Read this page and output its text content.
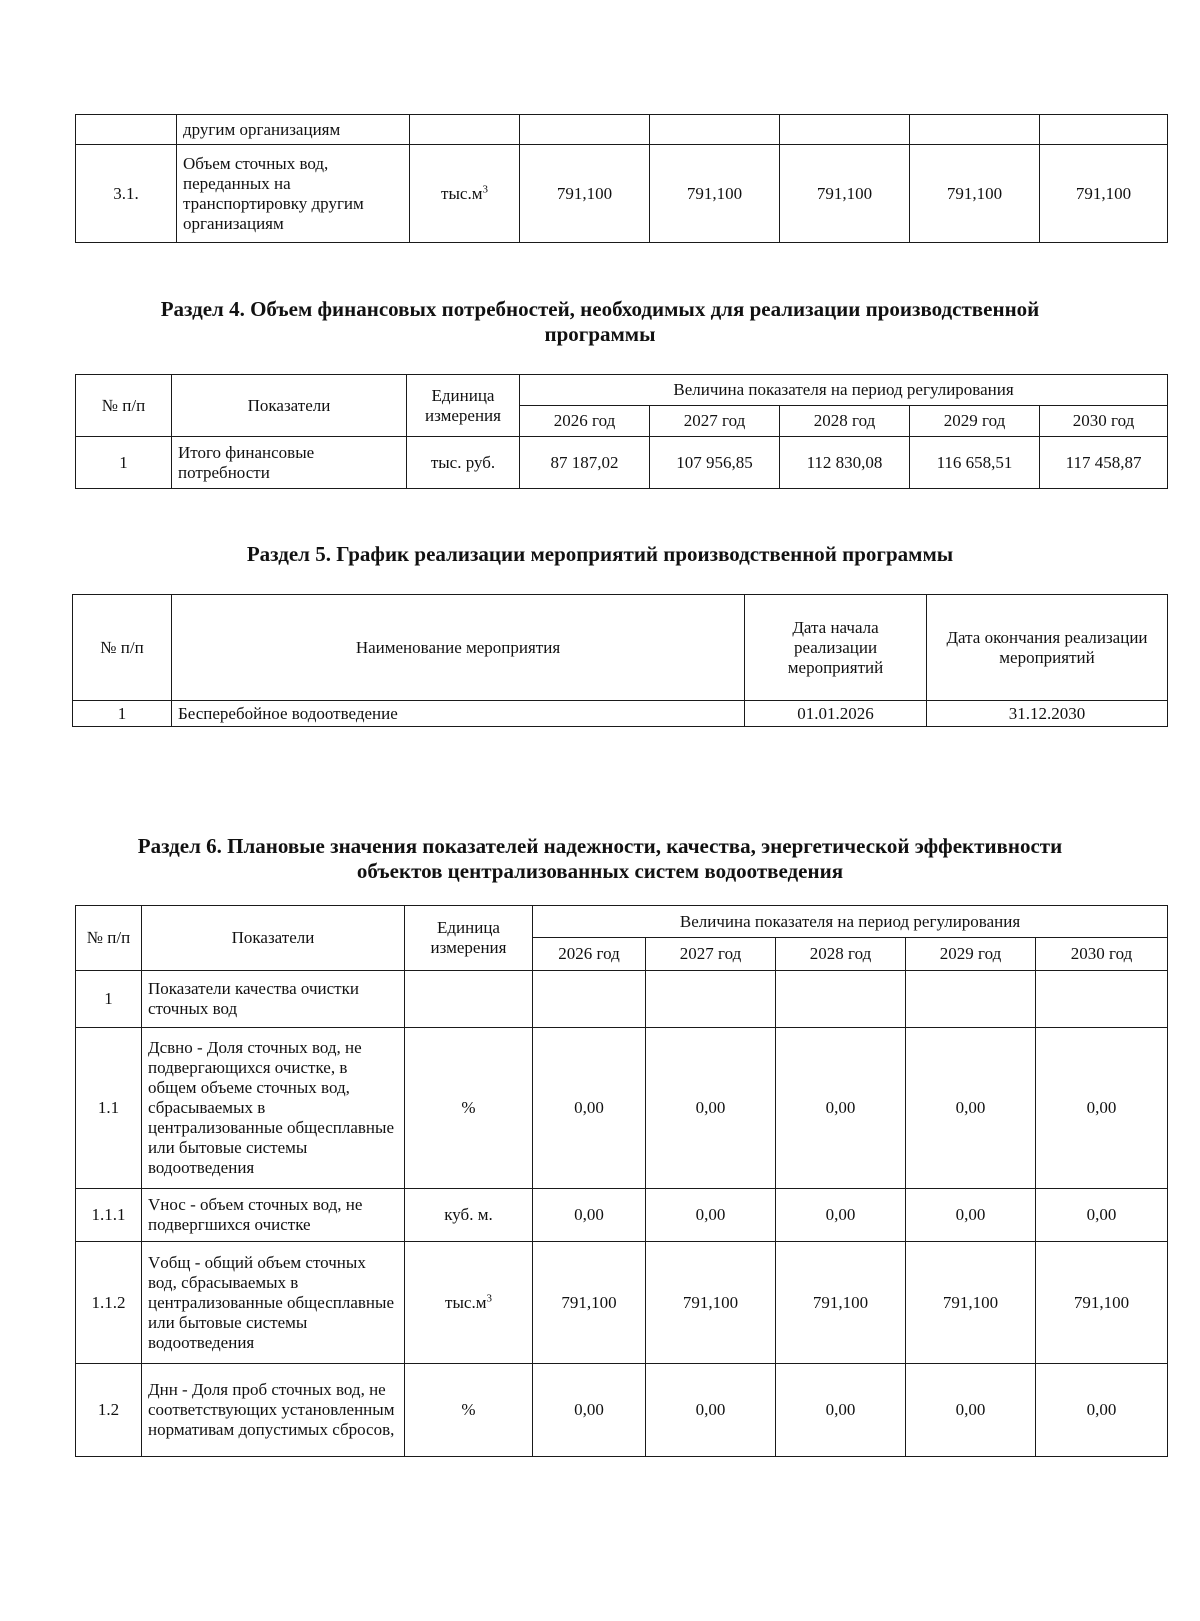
	другим организациям						
3.1.	Объем сточных вод, переданных на транспортировку другим организациям	$тыс.м^3$	791,100	791,100	791,100	791,100	791,100
Раздел 4. Объем финансовых потребностей, необходимых для реализации производственной
программы
№ п/п	Показатели	Единица измерения	Величина показателя на период регулирования				
			2026 год	2027 год	2028 год	2029 год	2030 год
1	Итого финансовые потребности	тыс. руб.	87 187,02	107 956,85	112 830,08	116 658,51	117 458,87
Раздел 5. График реализации мероприятий производственной программы
№ п/п	Наименование мероприятия	Дата начала реализации мероприятий	Дата окончания реализации мероприятий
1	Бесперебойное водоотведение	01.01.2026	31.12.2030
Раздел 6. Плановые значения показателей надежности, качества, энергетической эффективности
объектов централизованных систем водоотведения
№ п/п	Показатели	Единица измерения	Величина показателя на период регулирования				
			2026 год	2027 год	2028 год	2029 год	2030 год
1	Показатели качества очистки сточных вод						
1.1	Дсвно - Доля сточных вод, не подвергающихся очистке, в общем объеме сточных вод, сбрасываемых в централизованные общесплавные или бытовые системы водоотведения	%	0,00	0,00	0,00	0,00	0,00
1.1.1	Vнос - объем сточных вод, не подвергшихся очистке	куб. м.	0,00	0,00	0,00	0,00	0,00
1.1.2	Vобщ - общий объем сточных вод, сбрасываемых в централизованные общесплавные или бытовые системы водоотведения	$тыс.м^3$	791,100	791,100	791,100	791,100	791,100
1.2	Днн - Доля проб сточных вод, не соответствующих установленным нормативам допустимых сбросов,	%	0,00	0,00	0,00	0,00	0,00
